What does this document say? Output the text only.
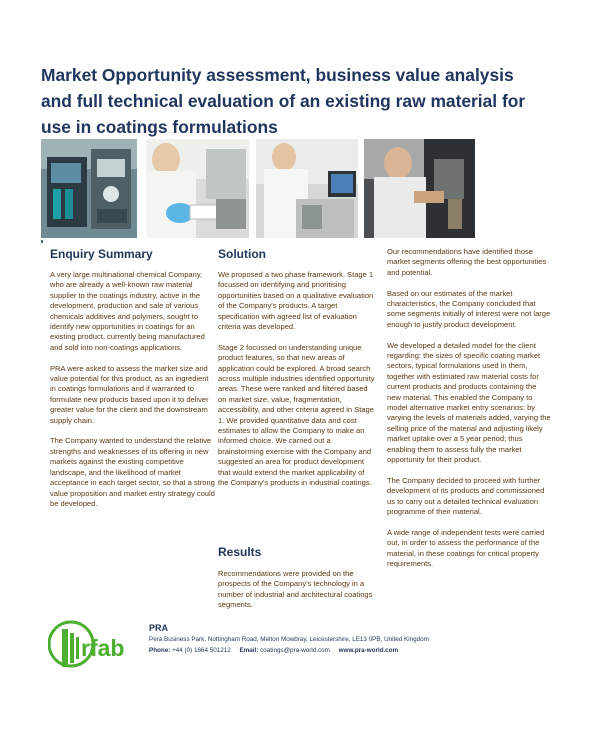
Market Opportunity assessment, business value analysis and full technical evaluation of an existing raw material for use in coatings formulations
Enquiry Summary

A very large multinational chemical Company, who are already a well-known raw material supplier to the coatings industry, active in the development, production and sale of various chemicals additives and polymers, sought to identify new opportunities in coatings for an existing product, currently being manufactured and sold into non-coatings applications.

PRA were asked to assess the market size and value potential for this product, as an ingredient in coatings formulations and if warranted to formulate new products based upon it to deliver greater value for the client and the downstream supply chain.

The Company wanted to understand the relative strengths and weaknesses of its offering in new markets against the existing competitive landscape, and the likelihood of market acceptance in each target sector, so that a strong value proposition and market entry strategy could be developed.

Solution

We proposed a two phase framework. Stage 1 focussed on identifying and prioritising opportunities based on a qualitative evaluation of the Company's products. A target specification with agreed list of evaluation criteria was developed.

Stage 2 focussed on understanding unique product features, so that new areas of application could be explored. A broad search across multiple industries identified opportunity areas. These were ranked and filtered based on market size, value, fragmentation, accessibility, and other criteria agreed in Stage 1. We provided quantitative data and cost estimates to allow the Company to make an informed choice. We carried out a brainstorming exercise with the Company and suggested an area for product development that would extend the market applicability of the Company's products in industrial coatings.

Results
Recommendations were provided on the prospects of the Company's technology in a number of industrial and architectural coatings segments.

Our recommendations have identified those market segments offering the best opportunities and potential.

Based on our estimates of the market characteristics, the Company concluded that some segments initially of interest were not large enough to justify product development.

We developed a detailed model for the client regarding: the sizes of specific coating market sectors, typical formulations used in them, together with estimated raw material costs for current products and products containing the new material. This enabled the Company to model alternative market entry scenarios: by varying the levels of materials added, varying the selling price of the material and adjusting likely market uptake over a 5 year period; thus enabling them to assess fully the market opportunity for their product.

The Company decided to proceed with further development of its products and commissioned us to carry out a detailed technical evaluation programme of their material.

A wide range of independent tests were carried out, in order to assess the performance of the material, in these coatings for critical property requirements.

rfab
PRA
Pera Business Park, Nottingham Road, Melton Mowbray, Leicestershire, LE13 0PB, United Kingdom
Phone: +44 (0) 1664 501212 Email: coatings@pra-world.com www.pra-world.com
